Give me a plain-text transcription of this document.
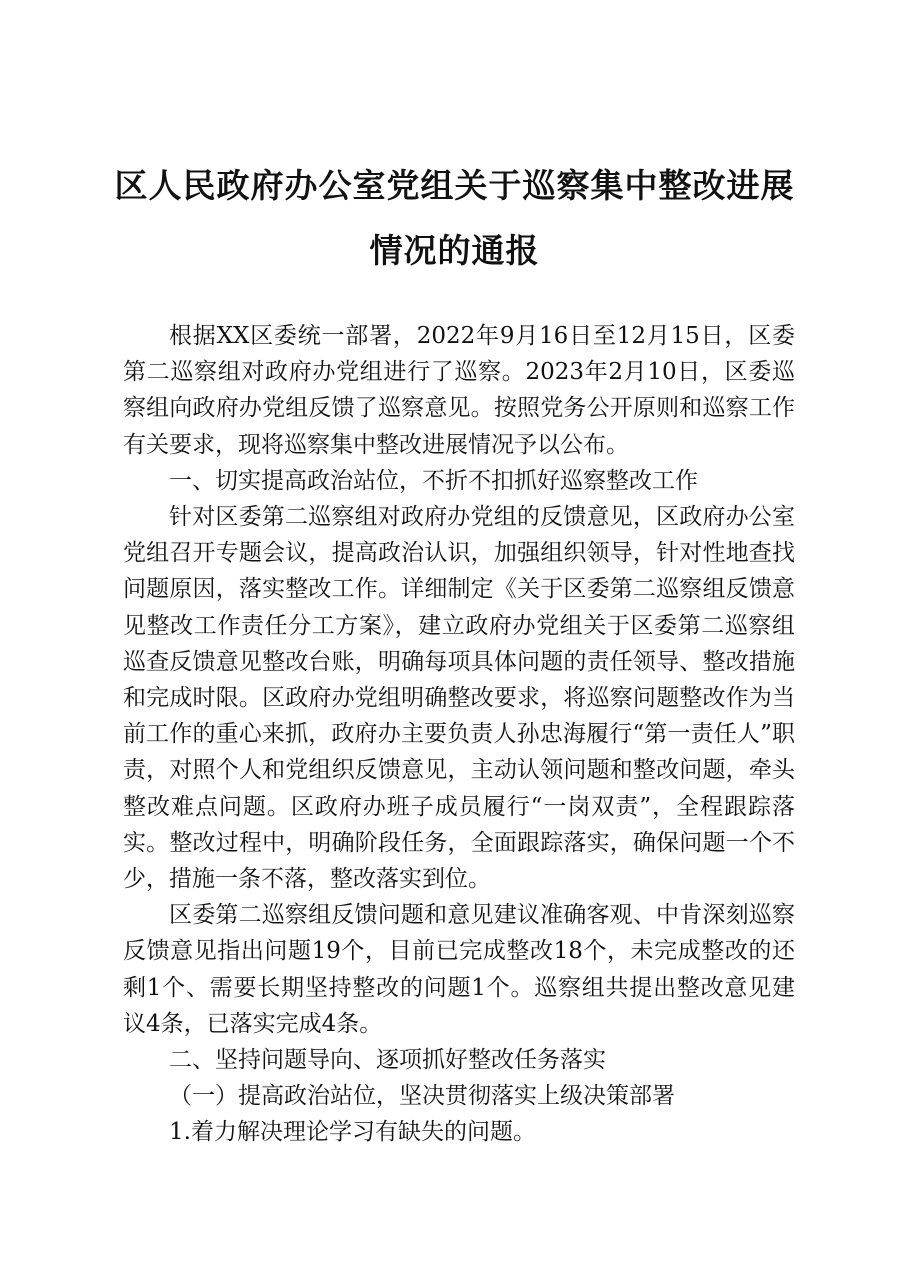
区人民政府办公室党组关于巡察集中整改进展
情况的通报

根据XX区委统一部署，2022年9月16日至12月15日，区委第二巡察组对政府办党组进行了巡察。2023年2月10日，区委巡察组向政府办党组反馈了巡察意见。按照党务公开原则和巡察工作有关要求，现将巡察集中整改进展情况予以公布。

一、切实提高政治站位，不折不扣抓好巡察整改工作

针对区委第二巡察组对政府办党组的反馈意见，区政府办公室党组召开专题会议，提高政治认识，加强组织领导，针对性地查找问题原因，落实整改工作。详细制定《关于区委第二巡察组反馈意见整改工作责任分工方案》，建立政府办党组关于区委第二巡察组巡查反馈意见整改台账，明确每项具体问题的责任领导、整改措施和完成时限。区政府办党组明确整改要求，将巡察问题整改作为当前工作的重心来抓，政府办主要负责人孙忠海履行“第一责任人”职责，对照个人和党组织反馈意见，主动认领问题和整改问题，牵头整改难点问题。区政府办班子成员履行“一岗双责”，全程跟踪落实。整改过程中，明确阶段任务，全面跟踪落实，确保问题一个不少，措施一条不落，整改落实到位。

区委第二巡察组反馈问题和意见建议准确客观、中肯深刻巡察反馈意见指出问题19个，目前已完成整改18个，未完成整改的还剩1个、需要长期坚持整改的问题1个。巡察组共提出整改意见建议4条，已落实完成4条。

二、坚持问题导向、逐项抓好整改任务落实

（一）提高政治站位，坚决贯彻落实上级决策部署

1.着力解决理论学习有缺失的问题。
